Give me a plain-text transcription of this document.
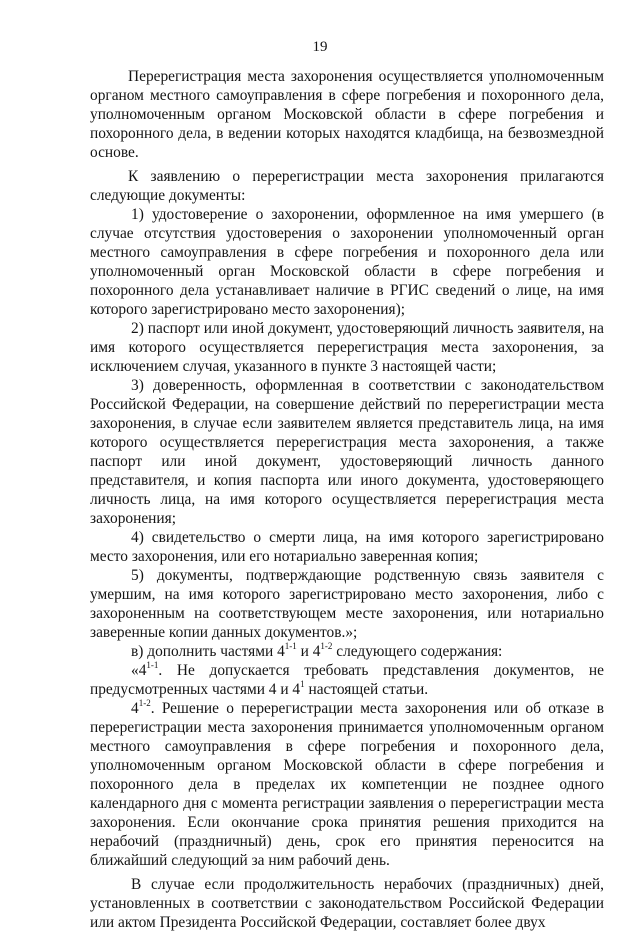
19

Перерегистрация места захоронения осуществляется уполномоченным органом местного самоуправления в сфере погребения и похоронного дела, уполномоченным органом Московской области в сфере погребения и похоронного дела, в ведении которых находятся кладбища, на безвозмездной основе.

К заявлению о перерегистрации места захоронения прилагаются следующие документы:

1) удостоверение о захоронении, оформленное на имя умершего (в случае отсутствия удостоверения о захоронении уполномоченный орган местного самоуправления в сфере погребения и похоронного дела или уполномоченный орган Московской области в сфере погребения и похоронного дела устанавливает наличие в РГИС сведений о лице, на имя которого зарегистрировано место захоронения);

2) паспорт или иной документ, удостоверяющий личность заявителя, на имя которого осуществляется перерегистрация места захоронения, за исключением случая, указанного в пункте 3 настоящей части;

3) доверенность, оформленная в соответствии с законодательством Российской Федерации, на совершение действий по перерегистрации места захоронения, в случае если заявителем является представитель лица, на имя которого осуществляется перерегистрация места захоронения, а также паспорт или иной документ, удостоверяющий личность данного представителя, и копия паспорта или иного документа, удостоверяющего личность лица, на имя которого осуществляется перерегистрация места захоронения;

4) свидетельство о смерти лица, на имя которого зарегистрировано место захоронения, или его нотариально заверенная копия;

5) документы, подтверждающие родственную связь заявителя с умершим, на имя которого зарегистрировано место захоронения, либо с захороненным на соответствующем месте захоронения, или нотариально заверенные копии данных документов.»;

в) дополнить частями 4$^{1-1}$ и 4$^{1-2}$ следующего содержания:

«4$^{1-1}$. Не допускается требовать представления документов, не предусмотренных частями 4 и $4^1$ настоящей статьи.

4$^{1-2}$. Решение о перерегистрации места захоронения или об отказе в перерегистрации места захоронения принимается уполномоченным органом местного самоуправления в сфере погребения и похоронного дела, уполномоченным органом Московской области в сфере погребения и похоронного дела в пределах их компетенции не позднее одного календарного дня с момента регистрации заявления о перерегистрации места захоронения. Если окончание срока принятия решения приходится на нерабочий (праздничный) день, срок его принятия переносится на ближайший следующий за ним рабочий день.

В случае если продолжительность нерабочих (праздничных) дней, установленных в соответствии с законодательством Российской Федерации или актом Президента Российской Федерации, составляет более двух
